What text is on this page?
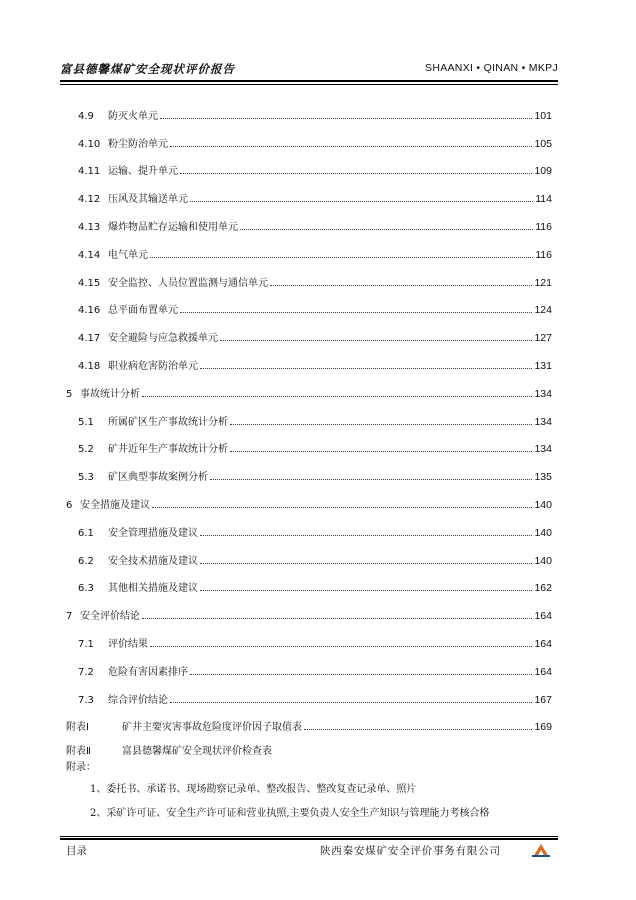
富县德馨煤矿安全现状评价报告	SHAANXI • QINAN • MKPJ
4.9	防灭火单元	101
4.10 粉尘防治单元	105
4.11 运输、提升单元	109
4.12 压风及其输送单元	114
4.13 爆炸物品贮存运输和使用单元	116
4.14 电气单元	116
4.15 安全监控、人员位置监测与通信单元	121
4.16 总平面布置单元	124
4.17 安全避险与应急救援单元	127
4.18 职业病危害防治单元	131
5 事故统计分析	134
5.1	所属矿区生产事故统计分析	134
5.2	矿井近年生产事故统计分析	134
5.3	矿区典型事故案例分析	135
6 安全措施及建议	140
6.1	安全管理措施及建议	140
6.2	安全技术措施及建议	140
6.3	其他相关措施及建议	162
7 安全评价结论	164
7.1	评价结果	164
7.2	危险有害因素排序	164
7.3	综合评价结论	167
附表Ⅰ	矿井主要灾害事故危险度评价因子取值表	169
附表Ⅱ	富县德馨煤矿安全现状评价检查表
附录：
1、委托书、承诺书、现场勘察记录单、整改报告、整改复查记录单、照片
2、采矿许可证、安全生产许可证和营业执照,主要负责人安全生产知识与管理能力考核合格
目录	陕西秦安煤矿安全评价事务有限公司
